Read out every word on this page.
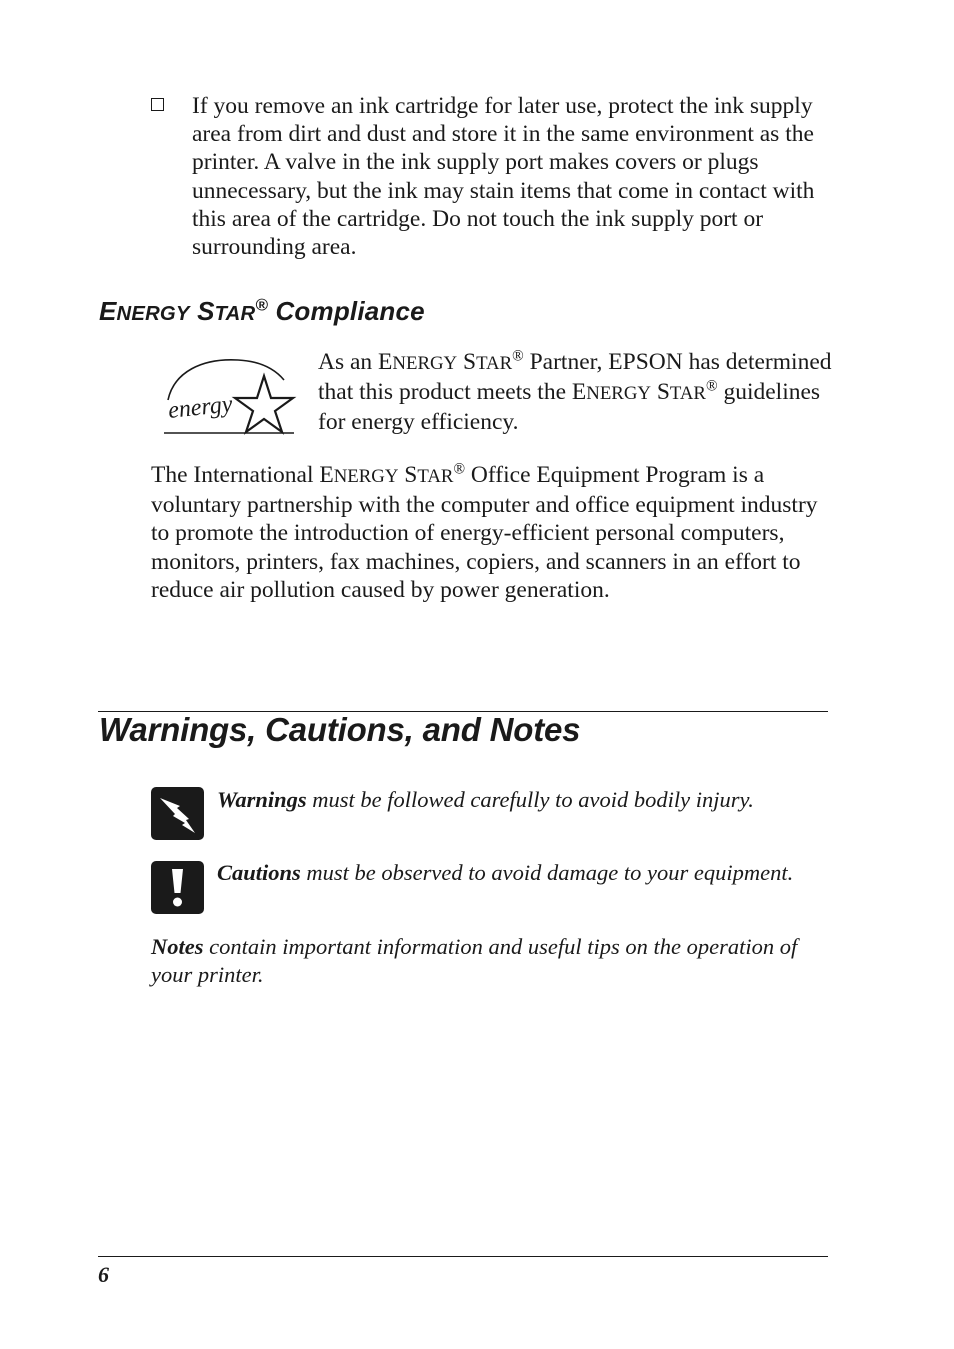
If you remove an ink cartridge for later use, protect the ink supply area from dirt and dust and store it in the same environment as the printer. A valve in the ink supply port makes covers or plugs unnecessary, but the ink may stain items that come in contact with this area of the cartridge. Do not touch the ink supply port or surrounding area.
ENERGY STAR® Compliance
energy
As an ENERGY STAR® Partner, EPSON has determined that this product meets the ENERGY STAR® guidelines for energy efficiency.
The International ENERGY STAR® Office Equipment Program is a voluntary partnership with the computer and office equipment industry to promote the introduction of energy-efficient personal computers, monitors, printers, fax machines, copiers, and scanners in an effort to reduce air pollution caused by power generation.
Warnings, Cautions, and Notes
Warnings must be followed carefully to avoid bodily injury.
Cautions must be observed to avoid damage to your equipment.
Notes contain important information and useful tips on the operation of your printer.
6
